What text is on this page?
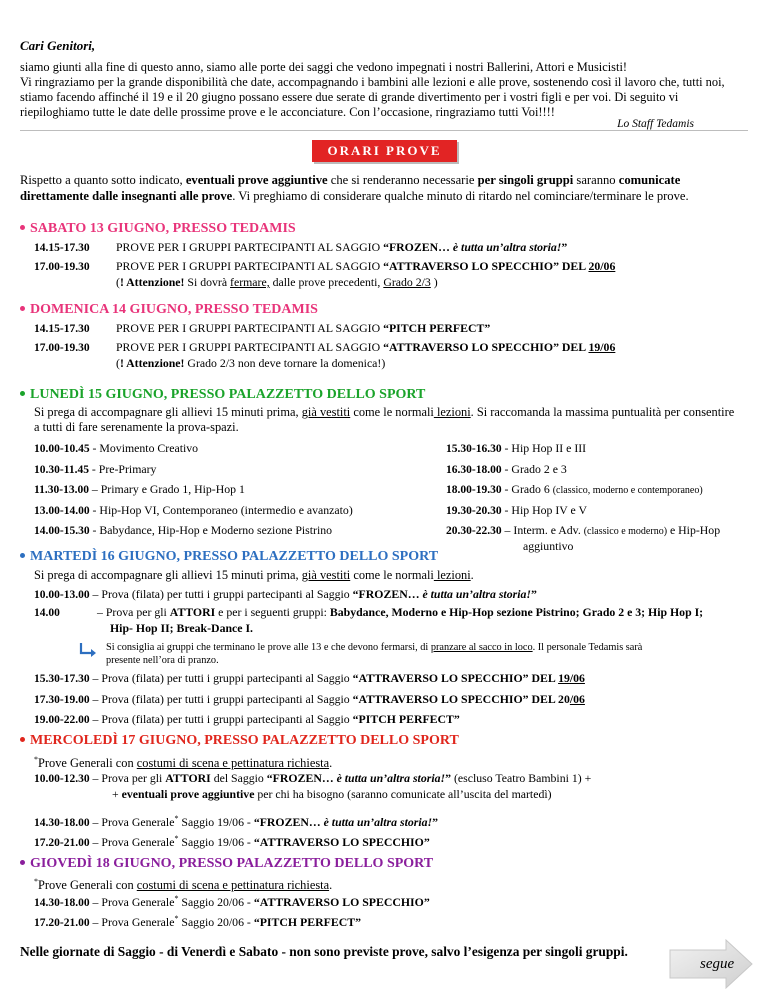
Cari Genitori,
siamo giunti alla fine di questo anno, siamo alle porte dei saggi che vedono impegnati i nostri Ballerini, Attori e Musicisti!
Vi ringraziamo per la grande disponibilità che date, accompagnando i bambini alle lezioni e alle prove, sostenendo così il lavoro che, tutti noi,
stiamo facendo affinché il 19 e il 20 giugno possano essere due serate di grande divertimento per i vostri figli e per voi. Di seguito vi
riepiloghiamo tutte le date delle prossime prove e le acconciature. Con l’occasione, ringraziamo tutti Voi!!!!
Lo Staff Tedamis
ORARI PROVE
Rispetto a quanto sotto indicato, eventuali prove aggiuntive che si renderanno necessarie per singoli gruppi saranno comunicate
direttamente dalle insegnanti alle prove. Vi preghiamo di considerare qualche minuto di ritardo nel cominciare/terminare le prove.
SABATO 13 GIUGNO, PRESSO TEDAMIS
14.15-17.30 PROVE PER I GRUPPI PARTECIPANTI AL SAGGIO “FROZEN… è tutta un’altra storia!”
17.00-19.30 PROVE PER I GRUPPI PARTECIPANTI AL SAGGIO “ATTRAVERSO LO SPECCHIO” DEL 20/06
(! Attenzione! Si dovrà fermare, dalle prove precedenti, Grado 2/3 )
DOMENICA 14 GIUGNO, PRESSO TEDAMIS
14.15-17.30 PROVE PER I GRUPPI PARTECIPANTI AL SAGGIO “PITCH PERFECT”
17.00-19.30 PROVE PER I GRUPPI PARTECIPANTI AL SAGGIO “ATTRAVERSO LO SPECCHIO” DEL 19/06
(! Attenzione! Grado 2/3 non deve tornare la domenica!)
LUNEDÌ 15 GIUGNO, PRESSO PALAZZETTO DELLO SPORT
Si prega di accompagnare gli allievi 15 minuti prima, già vestiti come le normali lezioni. Si raccomanda la massima puntualità per consentire
a tutti di fare serenamente la prova-spazi.
10.00-10.45 - Movimento Creativo
10.30-11.45 - Pre-Primary
11.30-13.00 – Primary e Grado 1, Hip-Hop 1
13.00-14.00 - Hip-Hop VI, Contemporaneo (intermedio e avanzato)
14.00-15.30 - Babydance, Hip-Hop e Moderno sezione Pistrino
15.30-16.30 - Hip Hop II e III
16.30-18.00 - Grado 2 e 3
18.00-19.30 - Grado 6 (classico, moderno e contemporaneo)
19.30-20.30 - Hip Hop IV e V
20.30-22.30 – Interm. e Adv. (classico e moderno) e Hip-Hop
aggiuntivo
MARTEDÌ 16 GIUGNO, PRESSO PALAZZETTO DELLO SPORT
Si prega di accompagnare gli allievi 15 minuti prima, già vestiti come le normali lezioni.
10.00-13.00 – Prova (filata) per tutti i gruppi partecipanti al Saggio “FROZEN… è tutta un’altra storia!”
14.00	– Prova per gli ATTORI e per i seguenti gruppi: Babydance, Moderno e Hip-Hop sezione Pistrino; Grado 2 e 3; Hip Hop I;
Hip- Hop II; Break-Dance I.
Si consiglia ai gruppi che terminano le prove alle 13 e che devono fermarsi, di pranzare al sacco in loco. Il personale Tedamis sarà
presente nell’ora di pranzo.
15.30-17.30 – Prova (filata) per tutti i gruppi partecipanti al Saggio “ATTRAVERSO LO SPECCHIO” DEL 19/06
17.30-19.00 – Prova (filata) per tutti i gruppi partecipanti al Saggio “ATTRAVERSO LO SPECCHIO” DEL 20/06
19.00-22.00 – Prova (filata) per tutti i gruppi partecipanti al Saggio “PITCH PERFECT”
MERCOLEDÌ 17 GIUGNO, PRESSO PALAZZETTO DELLO SPORT
*Prove Generali con costumi di scena e pettinatura richiesta.
10.00-12.30 – Prova per gli ATTORI del Saggio “FROZEN… è tutta un’altra storia!” (escluso Teatro Bambini 1) +
+ eventuali prove aggiuntive per chi ha bisogno (saranno comunicate all’uscita del martedì)
14.30-18.00 – Prova Generale* Saggio 19/06 - “FROZEN… è tutta un’altra storia!”
17.20-21.00 – Prova Generale* Saggio 19/06 - “ATTRAVERSO LO SPECCHIO”
GIOVEDÌ 18 GIUGNO, PRESSO PALAZZETTO DELLO SPORT
*Prove Generali con costumi di scena e pettinatura richiesta.
14.30-18.00 – Prova Generale* Saggio 20/06 - “ATTRAVERSO LO SPECCHIO”
17.20-21.00 – Prova Generale* Saggio 20/06 - “PITCH PERFECT”
Nelle giornate di Saggio - di Venerdì e Sabato - non sono previste prove, salvo l’esigenza per singoli gruppi.
segue
